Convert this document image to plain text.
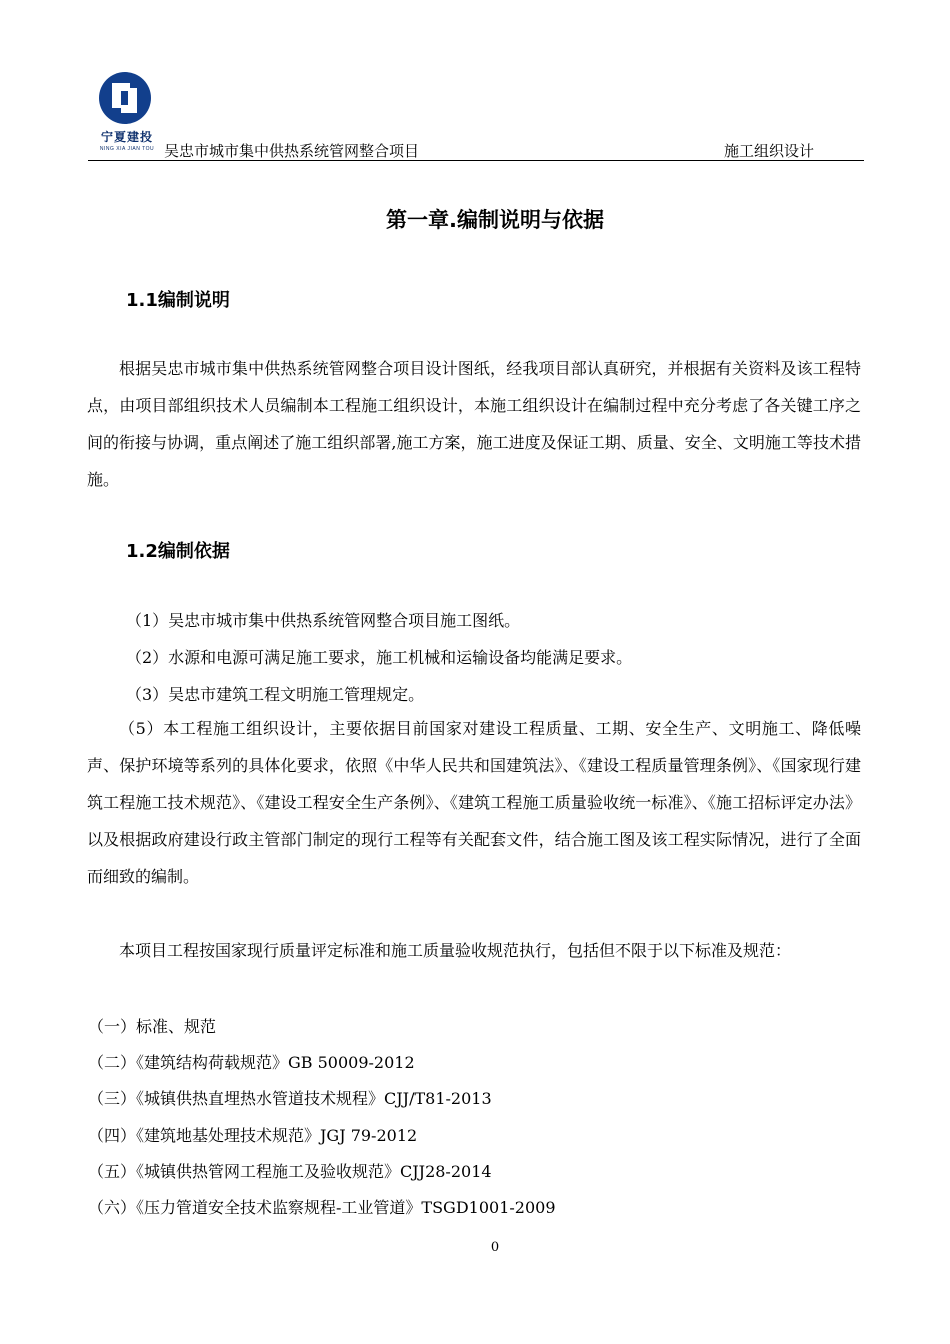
宁夏建投
NING XIA JIAN TOU 吴忠市城市集中供热系统管网整合项目	施工组织设计
第一章.编制说明与依据
1.1编制说明

根据吴忠市城市集中供热系统管网整合项目设计图纸，经我项目部认真研究，并根据有关资料及该工程特点，由项目部组织技术人员编制本工程施工组织设计，本施工组织设计在编制过程中充分考虑了各关键工序之间的衔接与协调，重点阐述了施工组织部署,施工方案，施工进度及保证工期、质量、安全、文明施工等技术措施。

1.2编制依据
（1）吴忠市城市集中供热系统管网整合项目施工图纸。
（2）水源和电源可满足施工要求，施工机械和运输设备均能满足要求。
（3）吴忠市建筑工程文明施工管理规定。

（5）本工程施工组织设计，主要依据目前国家对建设工程质量、工期、安全生产、文明施工、降低噪声、保护环境等系列的具体化要求，依照《中华人民共和国建筑法》、《建设工程质量管理条例》、《国家现行建筑工程施工技术规范》、《建设工程安全生产条例》、《建筑工程施工质量验收统一标准》、《施工招标评定办法》以及根据政府建设行政主管部门制定的现行工程等有关配套文件，结合施工图及该工程实际情况，进行了全面而细致的编制。

本项目工程按国家现行质量评定标准和施工质量验收规范执行，包括但不限于以下标准及规范：

（一）标准、规范
（二）《建筑结构荷载规范》GB 50009-2012
（三）《城镇供热直埋热水管道技术规程》CJJ/T81-2013
（四）《建筑地基处理技术规范》JGJ 79-2012
（五）《城镇供热管网工程施工及验收规范》CJJ28-2014
（六）《压力管道安全技术监察规程-工业管道》TSGD1001-2009
0
